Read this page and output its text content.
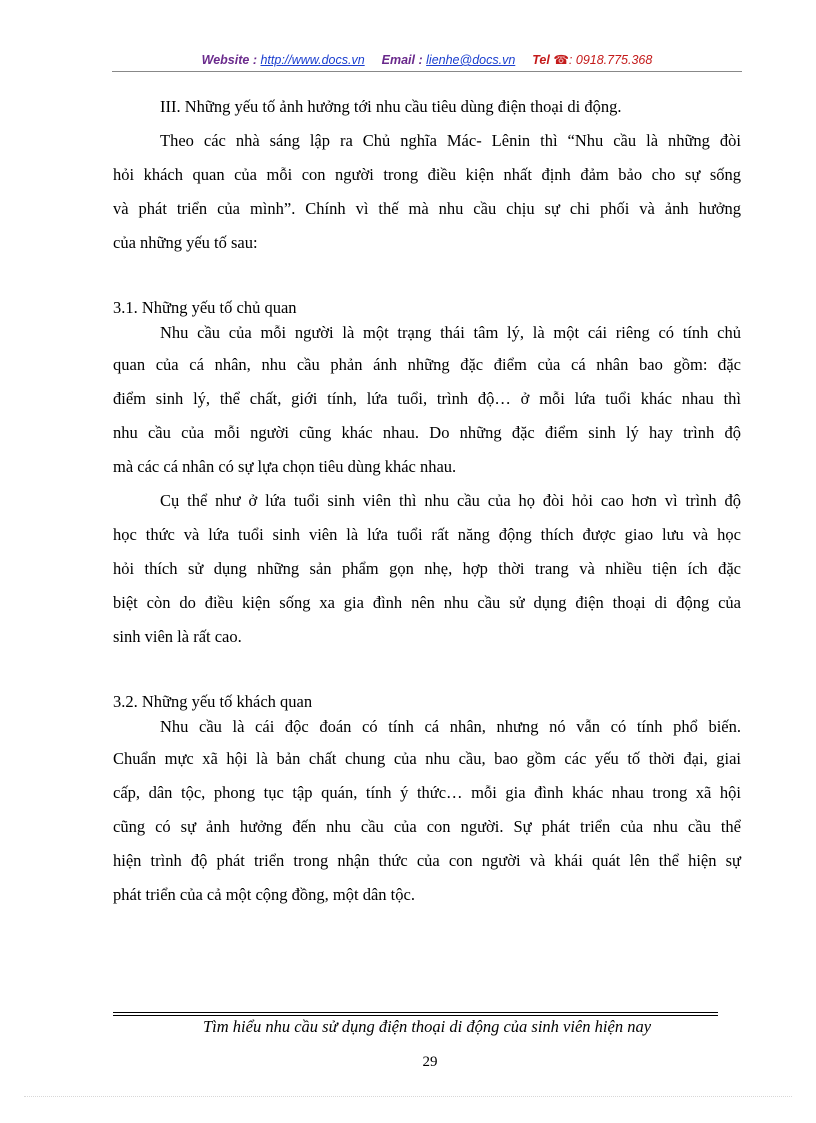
Website : http://www.docs.vn Email : lienhe@docs.vn Tel ☎: 0918.775.368
III. Những yếu tố ảnh hưởng tới nhu cầu tiêu dùng điện thoại di động.
Theo các nhà sáng lập ra Chủ nghĩa Mác- Lênin thì “Nhu cầu là những đòi
hỏi khách quan của mỗi con người trong điều kiện nhất định đảm bảo cho sự sống
và phát triển của mình”. Chính vì thế mà nhu cầu chịu sự chi phối và ảnh hưởng
của những yếu tố sau:
3.1. Những yếu tố chủ quan
Nhu cầu của mỗi người là một trạng thái tâm lý, là một cái riêng có tính chủ
quan của cá nhân, nhu cầu phản ánh những đặc điểm của cá nhân bao gồm: đặc
điểm sinh lý, thể chất, giới tính, lứa tuổi, trình độ… ở mỗi lứa tuổi khác nhau thì
nhu cầu của mỗi người cũng khác nhau. Do những đặc điểm sinh lý hay trình độ
mà các cá nhân có sự lựa chọn tiêu dùng khác nhau.
Cụ thể như ở lứa tuổi sinh viên thì nhu cầu của họ đòi hỏi cao hơn vì trình độ
học thức và lứa tuổi sinh viên là lứa tuổi rất năng động thích được giao lưu và học
hỏi thích sử dụng những sản phẩm gọn nhẹ, hợp thời trang và nhiều tiện ích đặc
biệt còn do điều kiện sống xa gia đình nên nhu cầu sử dụng điện thoại di động của
sinh viên là rất cao.
3.2. Những yếu tố khách quan
Nhu cầu là cái độc đoán có tính cá nhân, nhưng nó vẫn có tính phổ biến.
Chuẩn mực xã hội là bản chất chung của nhu cầu, bao gồm các yếu tố thời đại, giai
cấp, dân tộc, phong tục tập quán, tính ý thức… mỗi gia đình khác nhau trong xã hội
cũng có sự ảnh hưởng đến nhu cầu của con người. Sự phát triển của nhu cầu thể
hiện trình độ phát triển trong nhận thức của con người và khái quát lên thể hiện sự
phát triển của cả một cộng đồng, một dân tộc.
Tìm hiểu nhu cầu sử dụng điện thoại di động của sinh viên hiện nay
29
